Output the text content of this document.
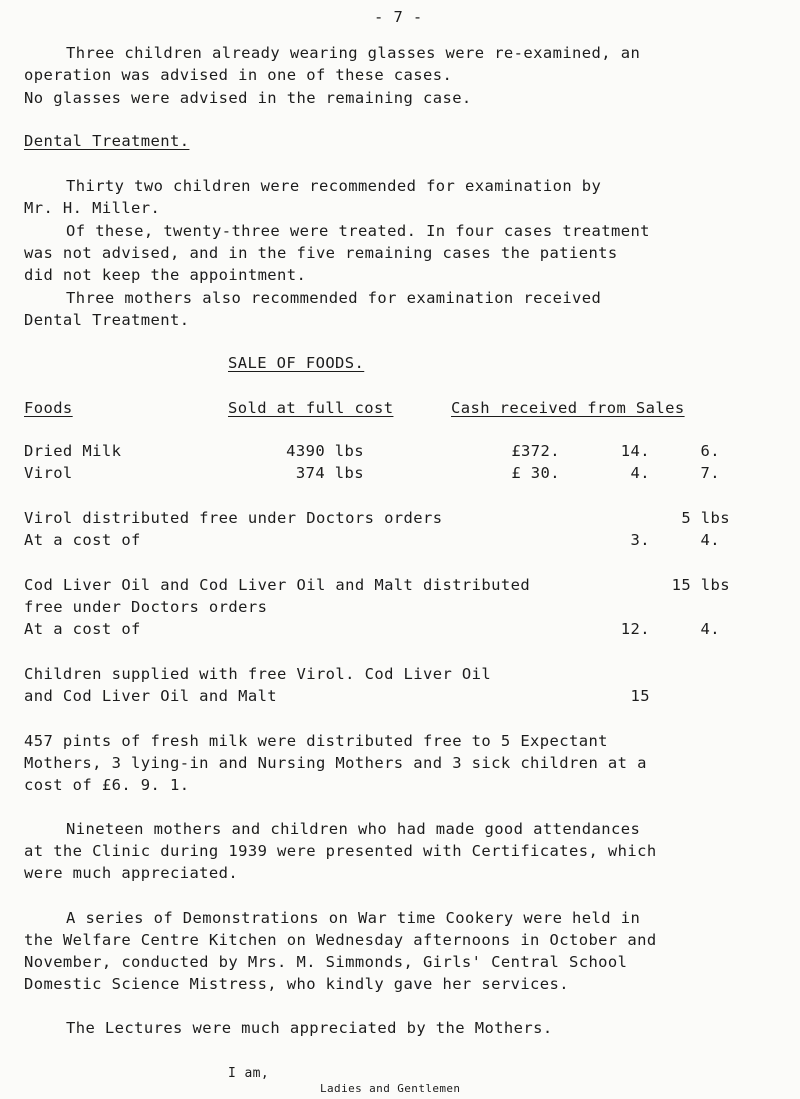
- 7 -
Three children already wearing glasses were re-examined, an
operation was advised in one of these cases.
No glasses were advised in the remaining case.
Dental Treatment.
Thirty two children were recommended for examination by
Mr. H. Miller.
Of these, twenty-three were treated. In four cases treatment
was not advised, and in the five remaining cases the patients
did not keep the appointment.
Three mothers also recommended for examination received
Dental Treatment.
SALE OF FOODS.
Foods	Sold at full cost	Cash received from Sales
Dried Milk	4390 lbs	£372.	14.	6.
Virol	374 lbs	£ 30.	4.	7.
Virol distributed free under Doctors orders	5 lbs
At a cost of	3.	4.
Cod Liver Oil and Cod Liver Oil and Malt distributed	15 lbs
free under Doctors orders
At a cost of	12.	4.
Children supplied with free Virol. Cod Liver Oil
and Cod Liver Oil and Malt	15
457 pints of fresh milk were distributed free to 5 Expectant
Mothers, 3 lying-in and Nursing Mothers and 3 sick children at a
cost of £6. 9. 1.
Nineteen mothers and children who had made good attendances
at the Clinic during 1939 were presented with Certificates, which
were much appreciated.
A series of Demonstrations on War time Cookery were held in
the Welfare Centre Kitchen on Wednesday afternoons in October and
November, conducted by Mrs. M. Simmonds, Girls' Central School
Domestic Science Mistress, who kindly gave her services.
The Lectures were much appreciated by the Mothers.
I am,
Ladies and Gentlemen
